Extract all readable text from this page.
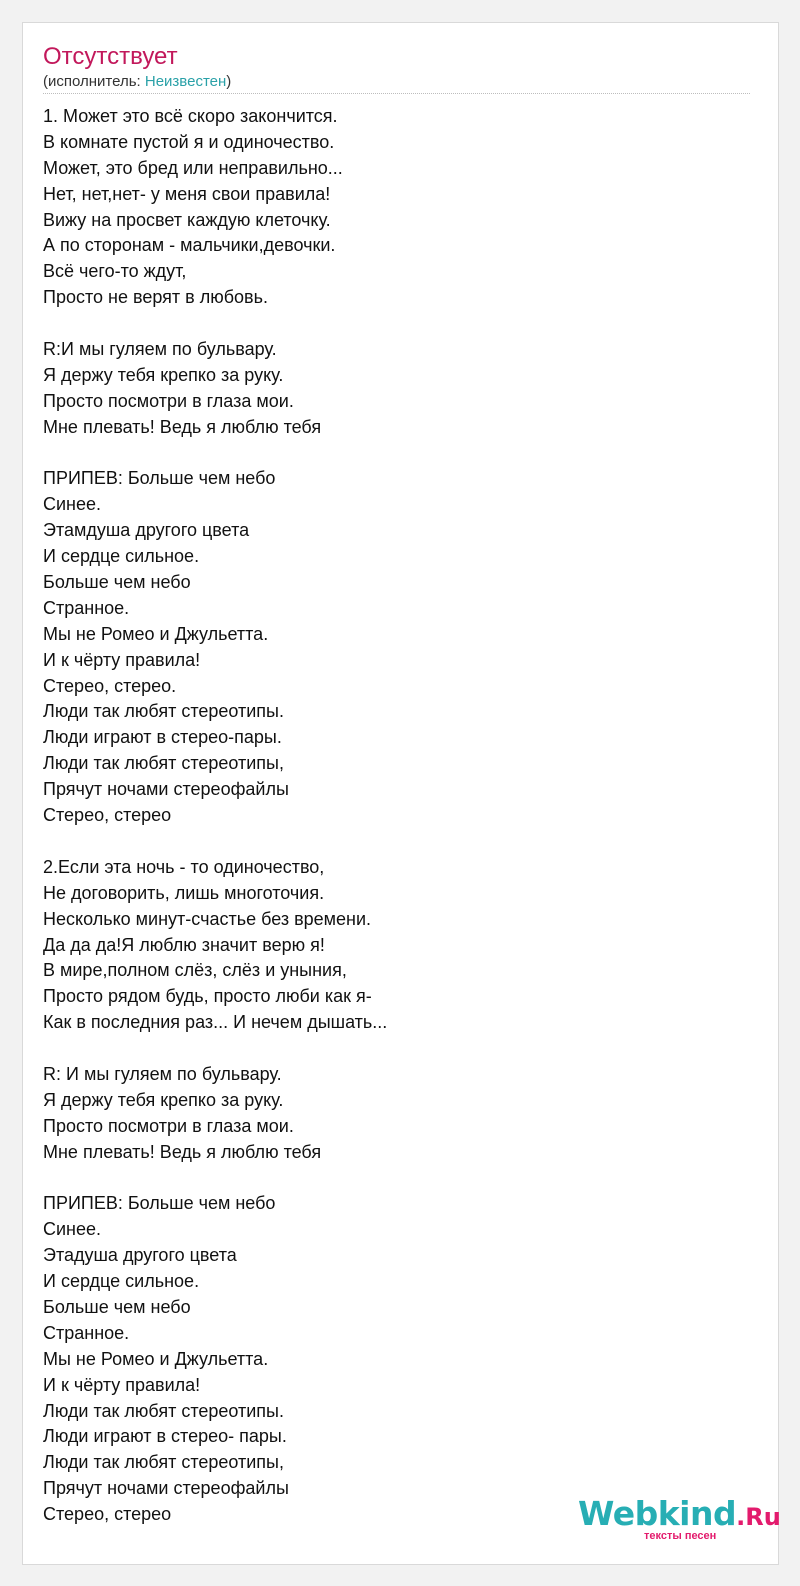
Отсутствует
(исполнитель: Неизвестен)
1. Может это всё скоро закончится.
В комнате пустой я и одиночество.
Может, это бред или неправильно...
Нет, нет,нет- у меня свои правила!
Вижу на просвет каждую клеточку.
А по сторонам - мальчики,девочки.
Всё чего-то ждут,
Просто не верят в любовь.
R:И мы гуляем по бульвару.
Я держу тебя крепко за руку.
Просто посмотри в глаза мои.
Мне плевать! Ведь я люблю тебя
ПРИПЕВ: Больше чем небо
Синее.
Этамдуша другого цвета
И сердце сильное.
Больше чем небо
Странное.
Мы не Ромео и Джульетта.
И к чёрту правила!
Стерео, стерео.
Люди так любят стереотипы.
Люди играют в стерео-пары.
Люди так любят стереотипы,
Прячут ночами стереофайлы
Стерео, стерео
2.Если эта ночь - то одиночество,
Не договорить, лишь многоточия.
Несколько минут-счастье без времени.
Да да да!Я люблю значит верю я!
В мире,полном слёз, слёз и уныния,
Просто рядом будь, просто люби как я-
Как в последния раз... И нечем дышать...
R: И мы гуляем по бульвару.
Я держу тебя крепко за руку.
Просто посмотри в глаза мои.
Мне плевать! Ведь я люблю тебя
ПРИПЕВ: Больше чем небо
Синее.
Этадуша другого цвета
И сердце сильное.
Больше чем небо
Странное.
Мы не Ромео и Джульетта.
И к чёрту правила!
Люди так любят стереотипы.
Люди играют в стерео- пары.
Люди так любят стереотипы,
Прячут ночами стереофайлы
Стерео, стерео	Webkind.Ru
тексты песен
